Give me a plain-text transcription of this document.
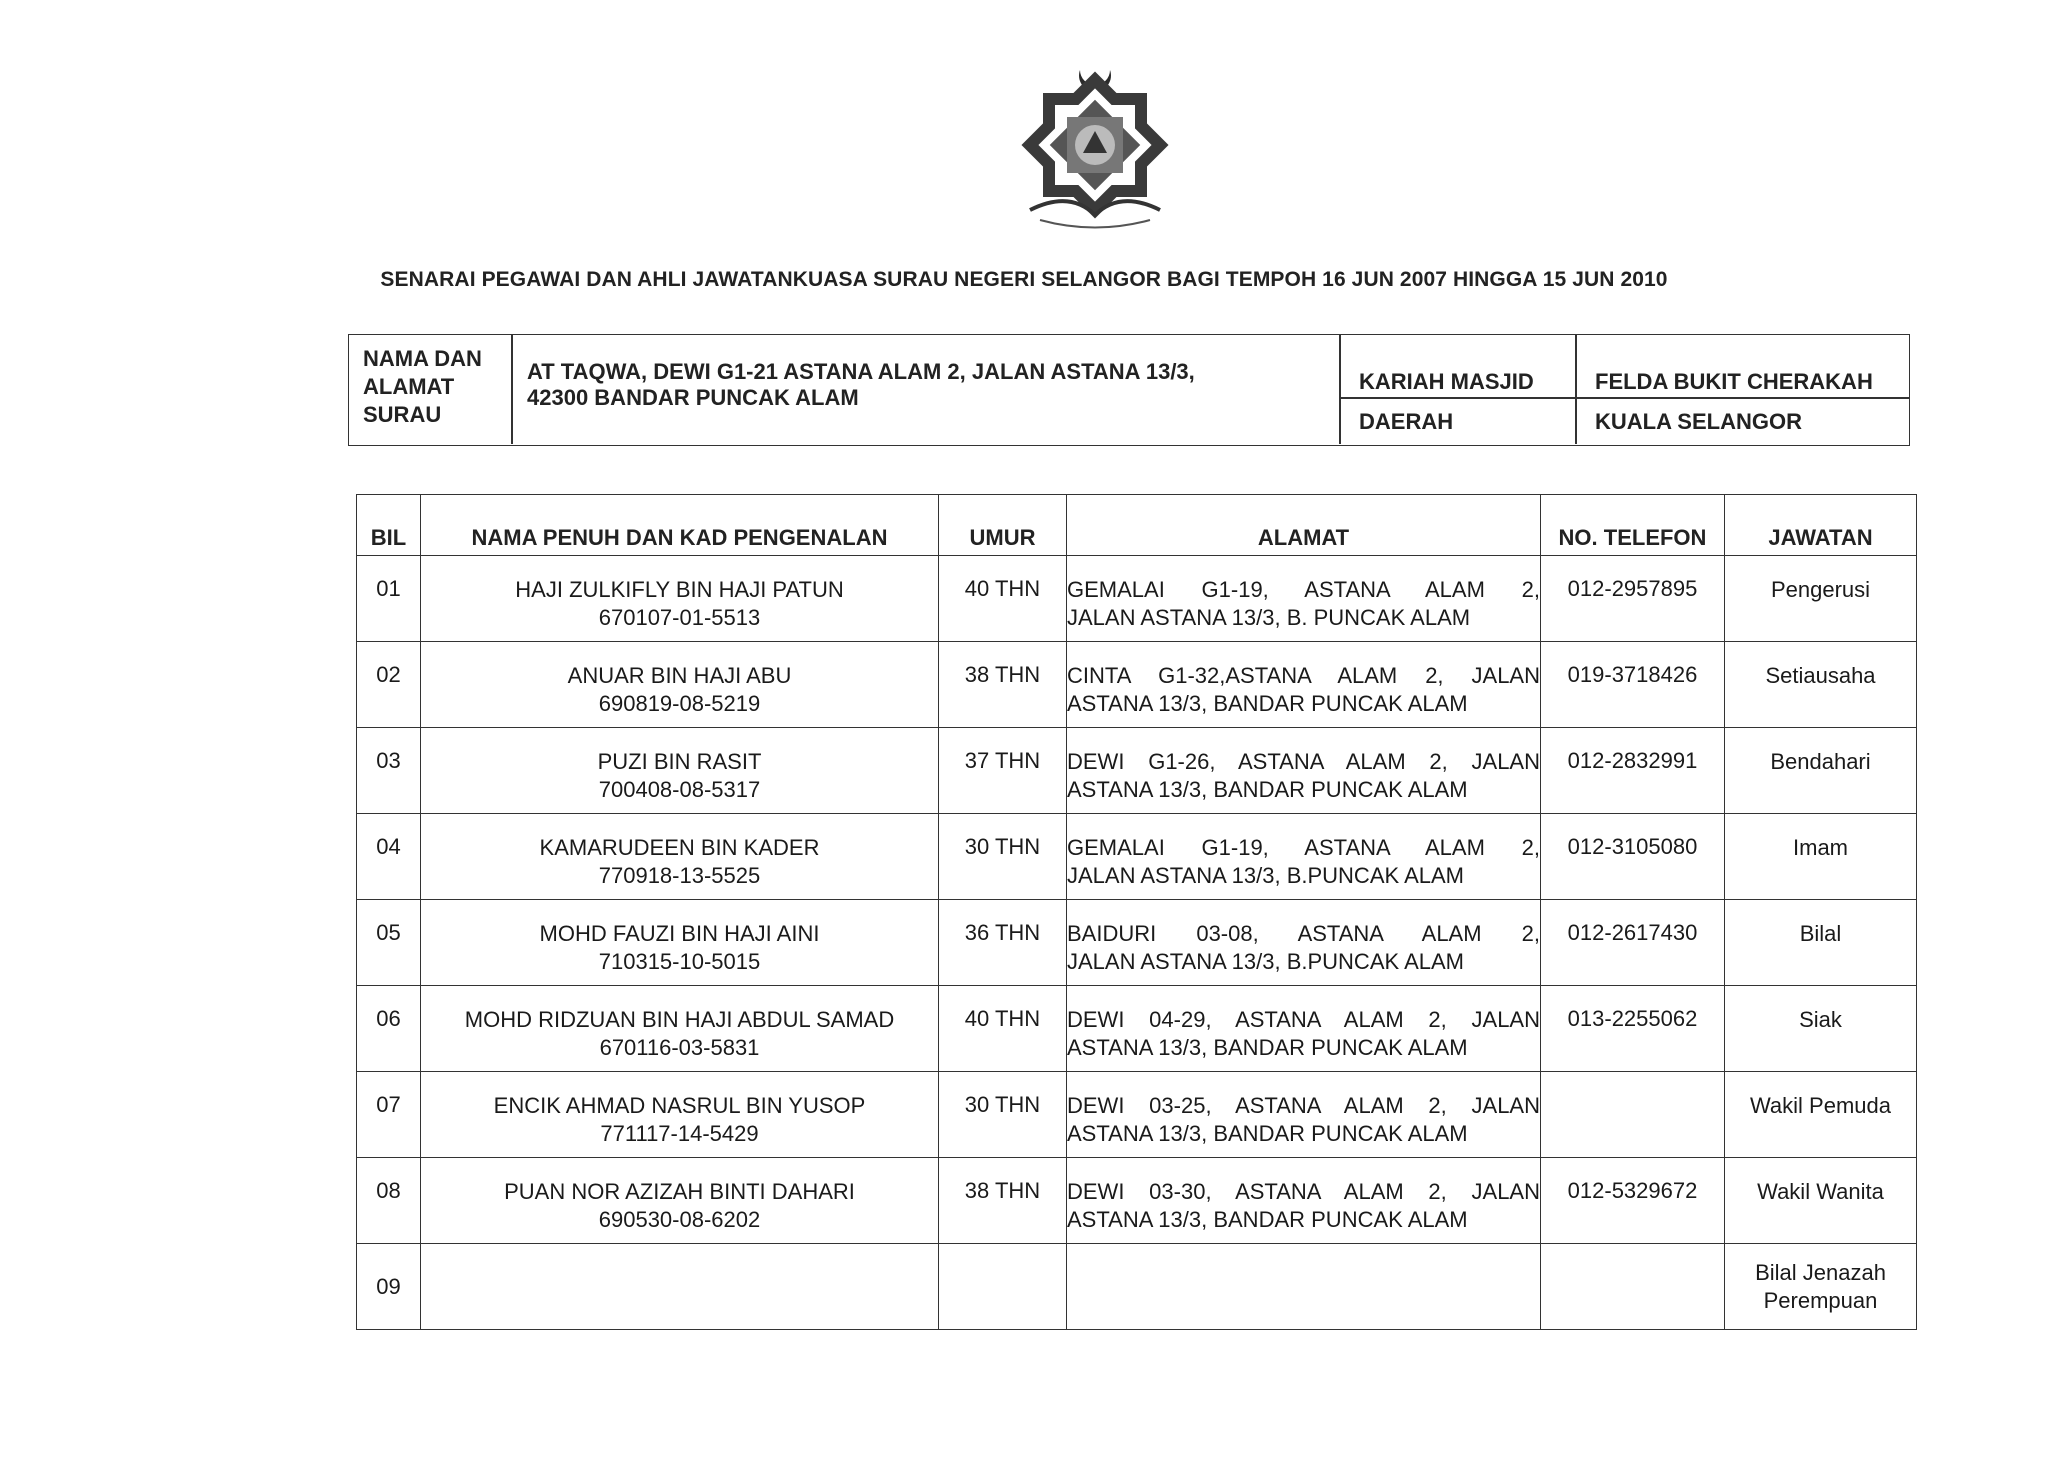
SENARAI PEGAWAI DAN AHLI JAWATANKUASA SURAU NEGERI SELANGOR BAGI TEMPOH 16 JUN 2007 HINGGA 15 JUN 2010
NAMA DAN
ALAMAT
SURAU
AT TAQWA, DEWI G1-21 ASTANA ALAM 2, JALAN ASTANA 13/3,
42300 BANDAR PUNCAK ALAM
KARIAH MASJID	FELDA BUKIT CHERAKAH
DAERAH	KUALA SELANGOR
BIL	NAMA PENUH DAN KAD PENGENALAN	UMUR	ALAMAT	NO. TELEFON	JAWATAN
01	HAJI ZULKIFLY BIN HAJI PATUN
670107-01-5513	40 THN	GEMALAI G1-19, ASTANA ALAM 2,
JALAN ASTANA 13/3, B. PUNCAK ALAM	012-2957895	Pengerusi
02	ANUAR BIN HAJI ABU
690819-08-5219	38 THN	CINTA G1-32,ASTANA ALAM 2, JALAN
ASTANA 13/3, BANDAR PUNCAK ALAM	019-3718426	Setiausaha
03	PUZI BIN RASIT
700408-08-5317	37 THN	DEWI G1-26, ASTANA ALAM 2, JALAN
ASTANA 13/3, BANDAR PUNCAK ALAM	012-2832991	Bendahari
04	KAMARUDEEN BIN KADER
770918-13-5525	30 THN	GEMALAI G1-19, ASTANA ALAM 2,
JALAN ASTANA 13/3, B.PUNCAK ALAM	012-3105080	Imam
05	MOHD FAUZI BIN HAJI AINI
710315-10-5015	36 THN	BAIDURI 03-08, ASTANA ALAM 2,
JALAN ASTANA 13/3, B.PUNCAK ALAM	012-2617430	Bilal
06	MOHD RIDZUAN BIN HAJI ABDUL SAMAD
670116-03-5831	40 THN	DEWI 04-29, ASTANA ALAM 2, JALAN
ASTANA 13/3, BANDAR PUNCAK ALAM	013-2255062	Siak
07	ENCIK AHMAD NASRUL BIN YUSOP
771117-14-5429	30 THN	DEWI 03-25, ASTANA ALAM 2, JALAN
ASTANA 13/3, BANDAR PUNCAK ALAM		Wakil Pemuda
08	PUAN NOR AZIZAH BINTI DAHARI
690530-08-6202	38 THN	DEWI 03-30, ASTANA ALAM 2, JALAN
ASTANA 13/3, BANDAR PUNCAK ALAM	012-5329672	Wakil Wanita
09					Bilal Jenazah
Perempuan
